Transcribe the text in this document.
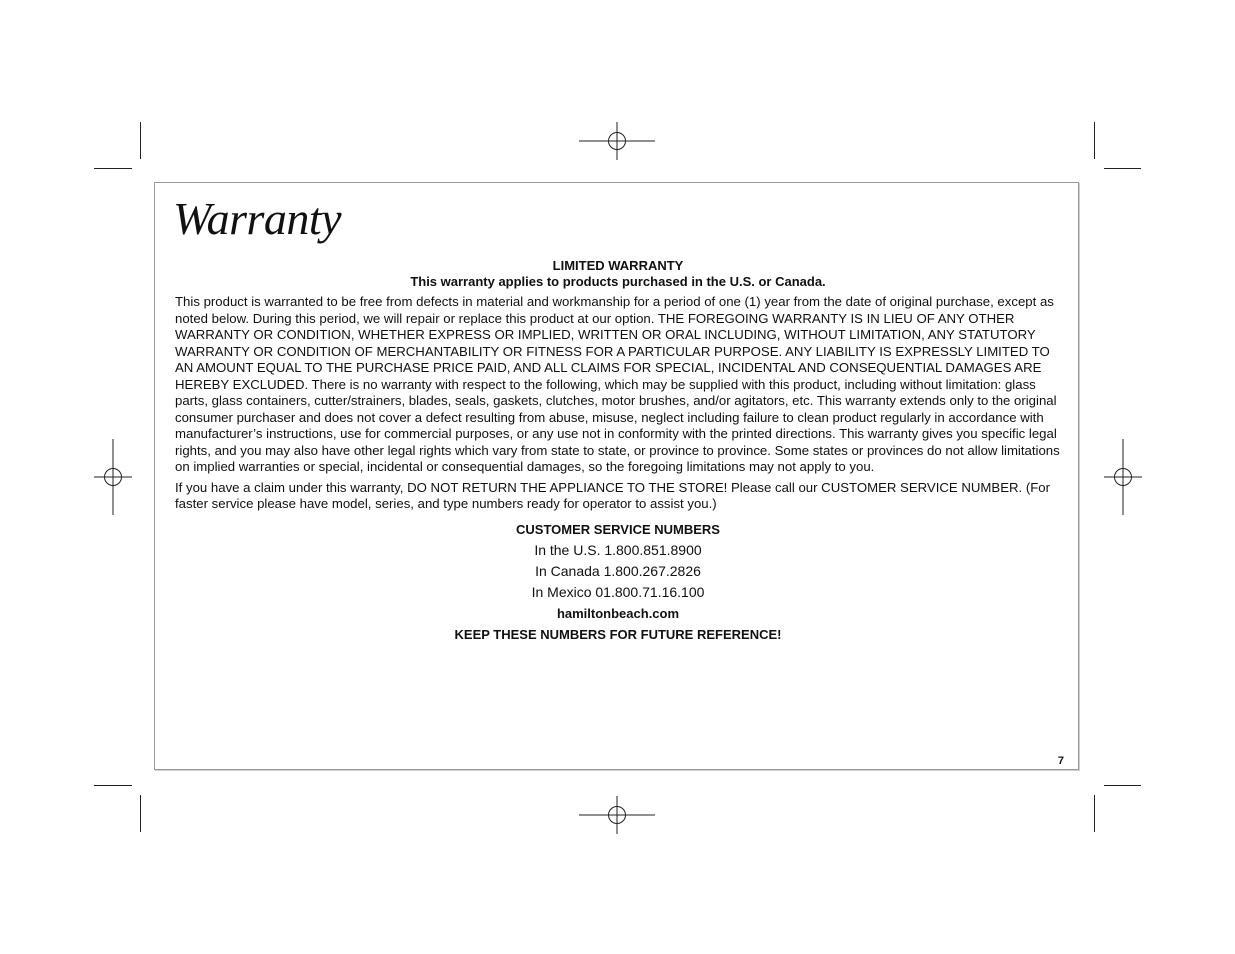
Warranty

LIMITED WARRANTY

This warranty applies to products purchased in the U.S. or Canada.

This product is warranted to be free from defects in material and workmanship for a period of one (1) year from the date of original purchase, except as noted below. During this period, we will repair or replace this product at our option. THE FOREGOING WARRANTY IS IN LIEU OF ANY OTHER WARRANTY OR CONDITION, WHETHER EXPRESS OR IMPLIED, WRITTEN OR ORAL INCLUDING, WITHOUT LIMITATION, ANY STATUTORY WARRANTY OR CONDITION OF MERCHANTABILITY OR FITNESS FOR A PARTICULAR PURPOSE. ANY LIABILITY IS EXPRESSLY LIMITED TO AN AMOUNT EQUAL TO THE PURCHASE PRICE PAID, AND ALL CLAIMS FOR SPECIAL, INCIDENTAL AND CONSEQUENTIAL DAMAGES ARE HEREBY EXCLUDED. There is no warranty with respect to the following, which may be supplied with this product, including without limitation: glass parts, glass containers, cutter/strainers, blades, seals, gaskets, clutches, motor brushes, and/or agitators, etc. This warranty extends only to the original consumer purchaser and does not cover a defect resulting from abuse, misuse, neglect including failure to clean product regularly in accordance with manufacturer’s instructions, use for commercial purposes, or any use not in conformity with the printed directions. This warranty gives you specific legal rights, and you may also have other legal rights which vary from state to state, or province to province. Some states or provinces do not allow limitations on implied warranties or special, incidental or consequential damages, so the foregoing limitations may not apply to you.

If you have a claim under this warranty, DO NOT RETURN THE APPLIANCE TO THE STORE! Please call our CUSTOMER SERVICE NUMBER. (For faster service please have model, series, and type numbers ready for operator to assist you.)

CUSTOMER SERVICE NUMBERS

In the U.S. 1.800.851.8900

In Canada 1.800.267.2826

In Mexico 01.800.71.16.100

hamiltonbeach.com

KEEP THESE NUMBERS FOR FUTURE REFERENCE!

7
